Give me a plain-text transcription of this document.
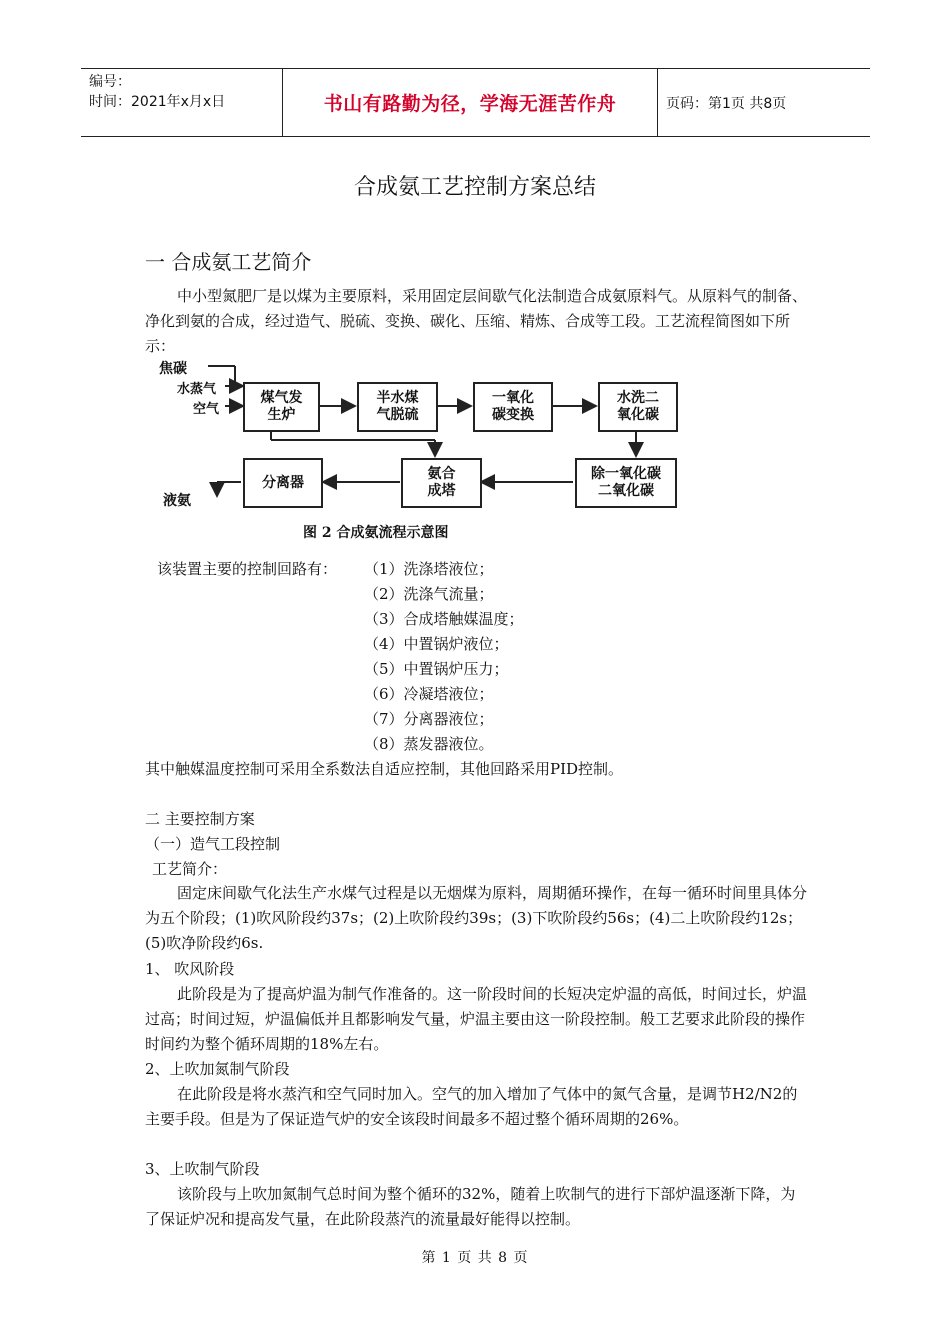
编号：
时间：2021年x月x日	书山有路勤为径，学海无涯苦作舟	页码：第1页 共8页
合成氨工艺控制方案总结
一 合成氨工艺简介

中小型氮肥厂是以煤为主要原料，采用固定层间歇气化法制造合成氨原料气。从原料气的制备、净化到氨的合成，经过造气、脱硫、变换、碳化、压缩、精炼、合成等工段。工艺流程简图如下所示：

焦碳
水蒸气
空气
煤气发
生炉
半水煤
气脱硫
一氧化
碳变换
水洗二
氧化碳
分离器
氨合
成塔
除一氧化碳
二氧化碳
液氨
图 2 合成氨流程示意图
该装置主要的控制回路有： （1）洗涤塔液位；
（2）洗涤气流量；
（3）合成塔触媒温度；
（4）中置锅炉液位；
（5）中置锅炉压力；
（6）冷凝塔液位；
（7）分离器液位；
（8）蒸发器液位。
其中触媒温度控制可采用全系数法自适应控制，其他回路采用PID控制。
二 主要控制方案
（一）造气工段控制
工艺简介：

固定床间歇气化法生产水煤气过程是以无烟煤为原料，周期循环操作，在每一循环时间里具体分为五个阶段；(1)吹风阶段约37s；(2)上吹阶段约39s；(3)下吹阶段约56s；(4)二上吹阶段约12s；(5)吹净阶段约6s.

1、 吹风阶段

此阶段是为了提高炉温为制气作准备的。这一阶段时间的长短决定炉温的高低，时间过长，炉温过高；时间过短，炉温偏低并且都影响发气量，炉温主要由这一阶段控制。般工艺要求此阶段的操作时间约为整个循环周期的18%左右。

2、上吹加氮制气阶段

在此阶段是将水蒸汽和空气同时加入。空气的加入增加了气体中的氮气含量，是调节H2/N2的主要手段。但是为了保证造气炉的安全该段时间最多不超过整个循环周期的26%。

3、上吹制气阶段

该阶段与上吹加氮制气总时间为整个循环的32%，随着上吹制气的进行下部炉温逐渐下降，为了保证炉况和提高发气量，在此阶段蒸汽的流量最好能得以控制。

第 1 页 共 8 页
